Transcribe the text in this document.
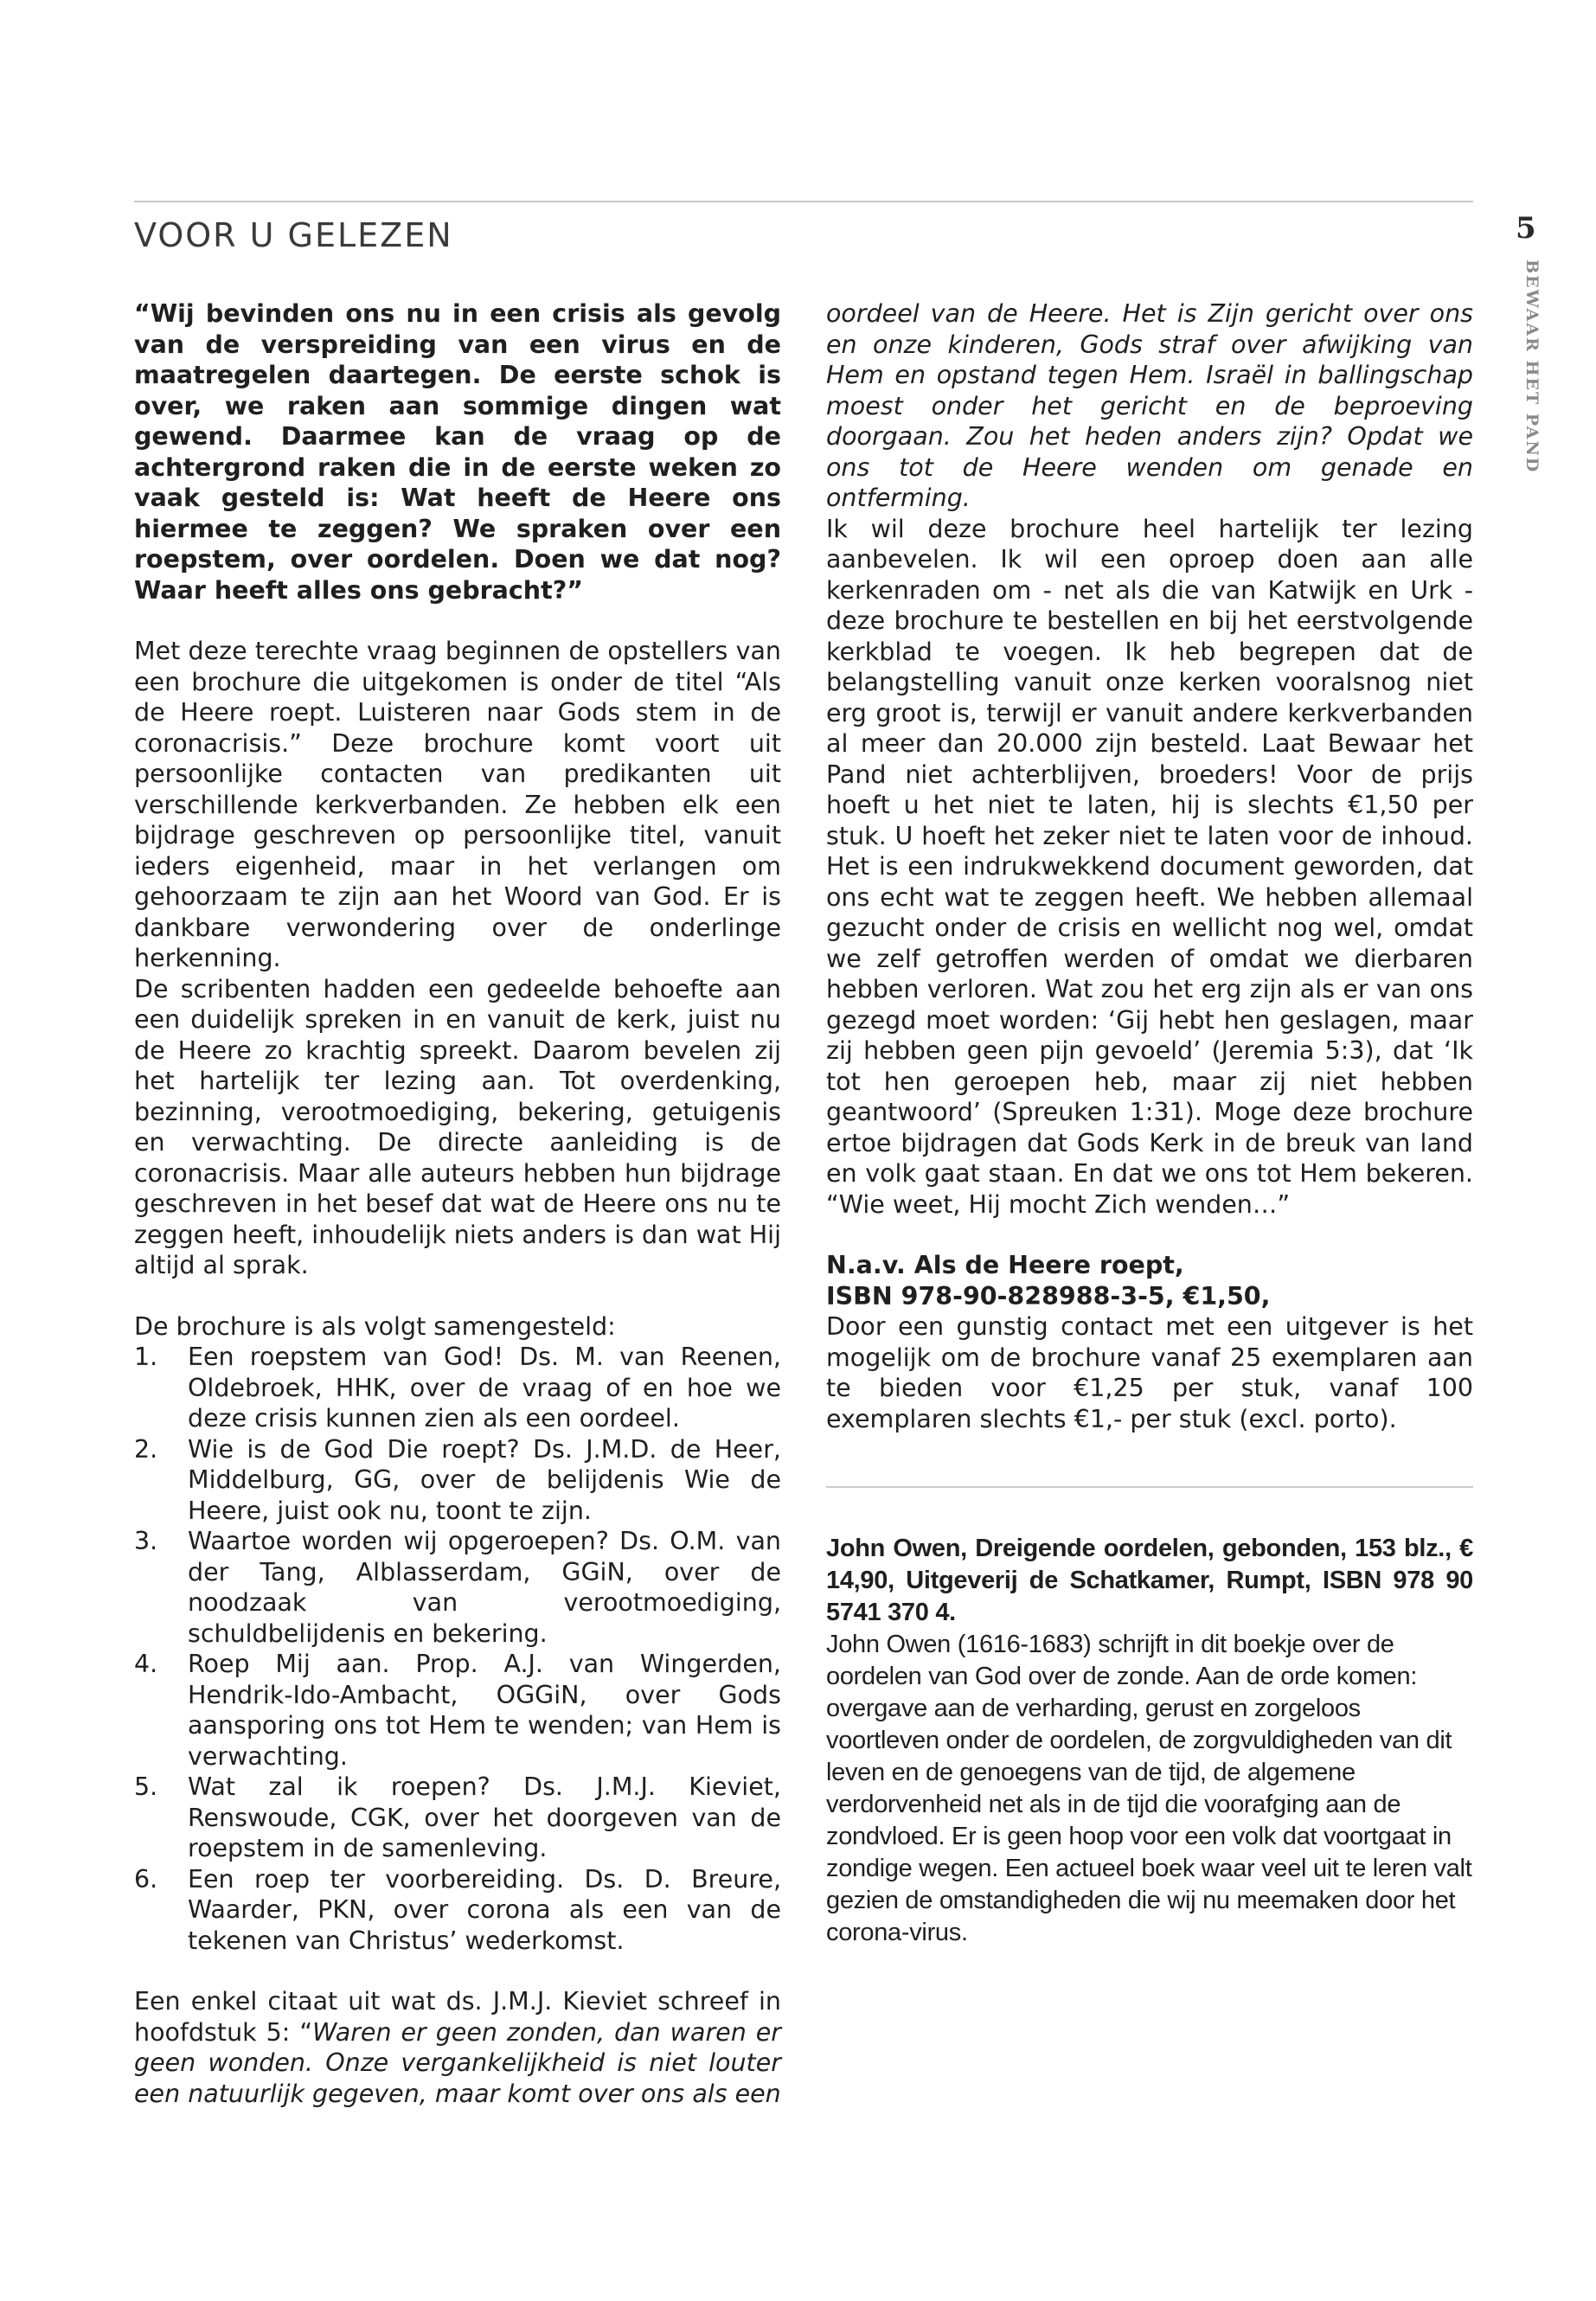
VOOR U GELEZEN	5
BEWAAR HET PAND

“Wij bevinden ons nu in een crisis als gevolg van de verspreiding van een virus en de maatregelen daartegen. De eerste schok is over, we raken aan sommige dingen wat gewend. Daarmee kan de vraag op de achtergrond raken die in de eerste weken zo vaak gesteld is: Wat heeft de Heere ons hiermee te zeggen? We spraken over een roepstem, over oordelen. Doen we dat nog? Waar heeft alles ons gebracht?”

Met deze terechte vraag beginnen de opstellers van een brochure die uitgekomen is onder de titel “Als de Heere roept. Luisteren naar Gods stem in de coronacrisis.” Deze brochure komt voort uit persoonlijke contacten van predikanten uit verschillende kerkverbanden. Ze hebben elk een bijdrage geschreven op persoonlijke titel, vanuit ieders eigenheid, maar in het verlangen om gehoorzaam te zijn aan het Woord van God. Er is dankbare verwondering over de onderlinge herkenning.

De scribenten hadden een gedeelde behoefte aan een duidelijk spreken in en vanuit de kerk, juist nu de Heere zo krachtig spreekt. Daarom bevelen zij het hartelijk ter lezing aan. Tot overdenking, bezinning, verootmoediging, bekering, getuigenis en verwachting. De directe aanleiding is de coronacrisis. Maar alle auteurs hebben hun bijdrage geschreven in het besef dat wat de Heere ons nu te zeggen heeft, inhoudelijk niets anders is dan wat Hij altijd al sprak.

De brochure is als volgt samengesteld:

1. Een roepstem van God! Ds. M. van Reenen, Oldebroek, HHK, over de vraag of en hoe we deze crisis kunnen zien als een oordeel.
2. Wie is de God Die roept? Ds. J.M.D. de Heer, Middelburg, GG, over de belijdenis Wie de Heere, juist ook nu, toont te zijn.
3. Waartoe worden wij opgeroepen? Ds. O.M. van der Tang, Alblasserdam, GGiN, over de noodzaak van verootmoediging, schuldbelijdenis en bekering.
4. Roep Mij aan. Prop. A.J. van Wingerden, Hendrik-Ido-Ambacht, OGGiN, over Gods aansporing ons tot Hem te wenden; van Hem is verwachting.
5. Wat zal ik roepen? Ds. J.M.J. Kieviet, Renswoude, CGK, over het doorgeven van de roepstem in de samenleving.
6. Een roep ter voorbereiding. Ds. D. Breure, Waarder, PKN, over corona als een van de tekenen van Christus’ wederkomst.

Een enkel citaat uit wat ds. J.M.J. Kieviet schreef in hoofdstuk 5: “Waren er geen zonden, dan waren er geen wonden. Onze vergankelijkheid is niet louter een natuurlijk gegeven, maar komt over ons als een

oordeel van de Heere. Het is Zijn gericht over ons en onze kinderen, Gods straf over afwijking van Hem en opstand tegen Hem. Israël in ballingschap moest onder het gericht en de beproeving doorgaan. Zou het heden anders zijn? Opdat we ons tot de Heere wenden om genade en ontferming.

Ik wil deze brochure heel hartelijk ter lezing aanbevelen. Ik wil een oproep doen aan alle kerkenraden om - net als die van Katwijk en Urk - deze brochure te bestellen en bij het eerstvolgende kerkblad te voegen. Ik heb begrepen dat de belangstelling vanuit onze kerken vooralsnog niet erg groot is, terwijl er vanuit andere kerkverbanden al meer dan 20.000 zijn besteld. Laat Bewaar het Pand niet achterblijven, broeders! Voor de prijs hoeft u het niet te laten, hij is slechts €1,50 per stuk. U hoeft het zeker niet te laten voor de inhoud. Het is een indrukwekkend document geworden, dat ons echt wat te zeggen heeft. We hebben allemaal gezucht onder de crisis en wellicht nog wel, omdat we zelf getroffen werden of omdat we dierbaren hebben verloren. Wat zou het erg zijn als er van ons gezegd moet worden: ‘Gij hebt hen geslagen, maar zij hebben geen pijn gevoeld’ (Jeremia 5:3), dat ‘Ik tot hen geroepen heb, maar zij niet hebben geantwoord’ (Spreuken 1:31). Moge deze brochure ertoe bijdragen dat Gods Kerk in de breuk van land en volk gaat staan. En dat we ons tot Hem bekeren. “Wie weet, Hij mocht Zich wenden…”

N.a.v. Als de Heere roept,

ISBN 978-90-828988-3-5, €1,50,

Door een gunstig contact met een uitgever is het mogelijk om de brochure vanaf 25 exemplaren aan te bieden voor €1,25 per stuk, vanaf 100 exemplaren slechts €1,- per stuk (excl. porto).

John Owen, Dreigende oordelen, gebonden, 153 blz., € 14,90, Uitgeverij de Schatkamer, Rumpt, ISBN 978 90 5741 370 4.

John Owen (1616-1683) schrijft in dit boekje over de oordelen van God over de zonde. Aan de orde komen: overgave aan de verharding, gerust en zorgeloos voortleven onder de oordelen, de zorgvuldigheden van dit leven en de genoegens van de tijd, de algemene verdorvenheid net als in de tijd die voorafging aan de zondvloed. Er is geen hoop voor een volk dat voortgaat in zondige wegen. Een actueel boek waar veel uit te leren valt gezien de omstandigheden die wij nu meemaken door het corona-virus.
